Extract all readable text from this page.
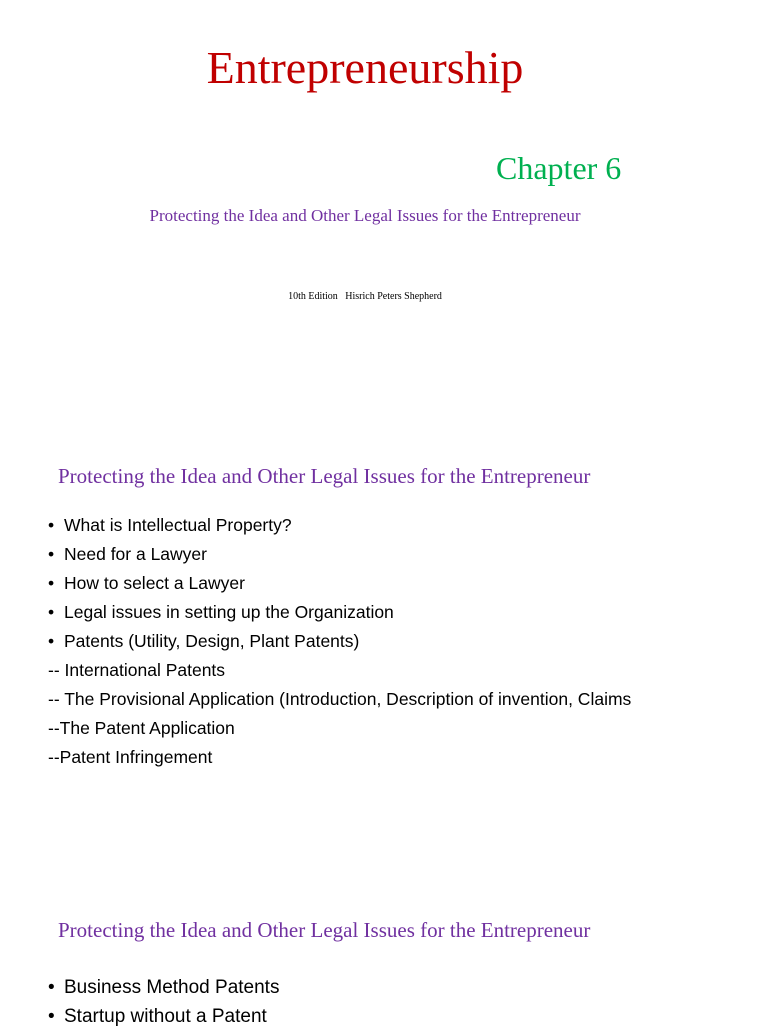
Entrepreneurship
Chapter 6
Protecting the Idea and Other Legal Issues for the Entrepreneur
10th Edition   Hisrich Peters Shepherd
Protecting the Idea and Other Legal Issues for the Entrepreneur
• What is Intellectual Property?
• Need for a Lawyer
• How to select a Lawyer
• Legal issues in setting up the Organization
• Patents (Utility, Design, Plant Patents)
-- International Patents
-- The Provisional Application (Introduction, Description of invention, Claims
--The Patent Application
--Patent Infringement
Protecting the Idea and Other Legal Issues for the Entrepreneur
• Business Method Patents
• Startup without a Patent
